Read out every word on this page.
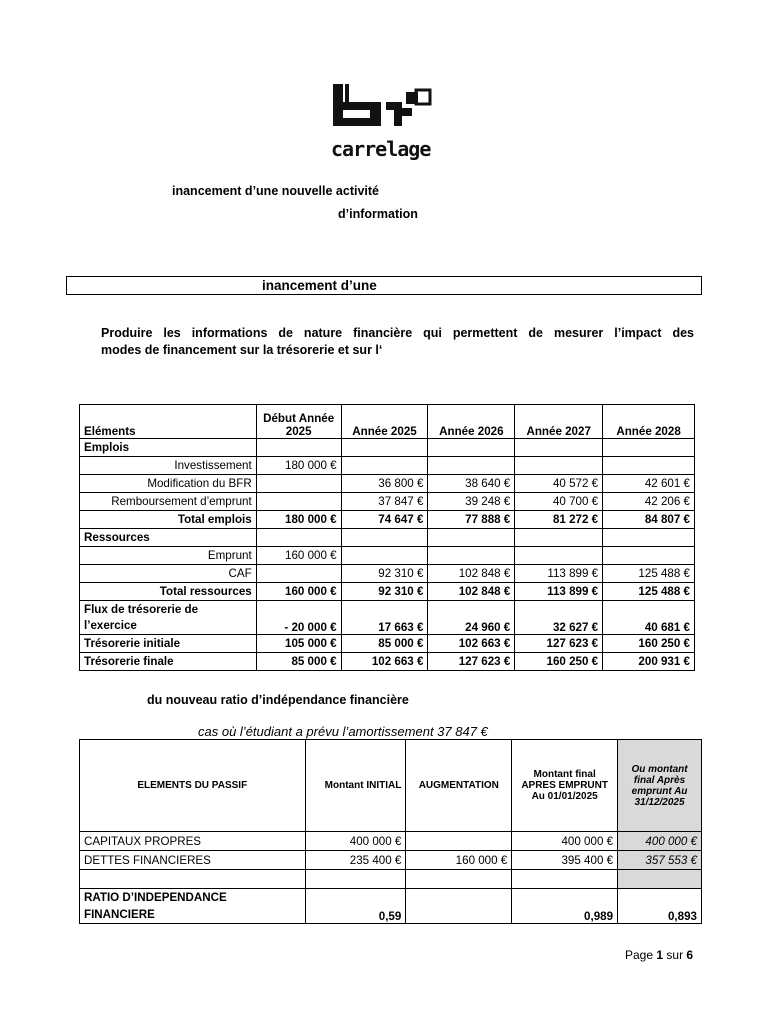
carrelage
inancement d’une nouvelle activité
d’information
inancement d’une
Produire les informations de nature financière qui permettent de mesurer l’impact des
modes de financement sur la trésorerie et sur l‘
Eléments	Début Année 2025	Année 2025	Année 2026	Année 2027	Année 2028
Emplois					
Investissement	180 000 €				
Modification du BFR		36 800 €	38 640 €	40 572 €	42 601 €
Remboursement d’emprunt		37 847 €	39 248 €	40 700 €	42 206 €
Total emplois	180 000 €	74 647 €	77 888 €	81 272 €	84 807 €
Ressources					
Emprunt	160 000 €				
CAF		92 310 €	102 848 €	113 899 €	125 488 €
Total ressources	160 000 €	92 310 €	102 848 €	113 899 €	125 488 €
Flux de trésorerie de l’exercice	- 20 000 €	17 663 €	24 960 €	32 627 €	40 681 €
Trésorerie initiale	105 000 €	85 000 €	102 663 €	127 623 €	160 250 €
Trésorerie finale	85 000 €	102 663 €	127 623 €	160 250 €	200 931 €
du nouveau ratio d’indépendance financière
cas où l’étudiant a prévu l’amortissement 37 847 €
ELEMENTS DU PASSIF	Montant INITIAL	AUGMENTATION	Montant final APRES EMPRUNT Au 01/01/2025	Ou montant final Après emprunt Au 31/12/2025
CAPITAUX PROPRES	400 000 €		400 000 €	400 000 €
DETTES FINANCIERES	235 400 €	160 000 €	395 400 €	357 553 €

RATIO D’INDEPENDANCE FINANCIERE	0,59		0,989	0,893
Page 1 sur 6
